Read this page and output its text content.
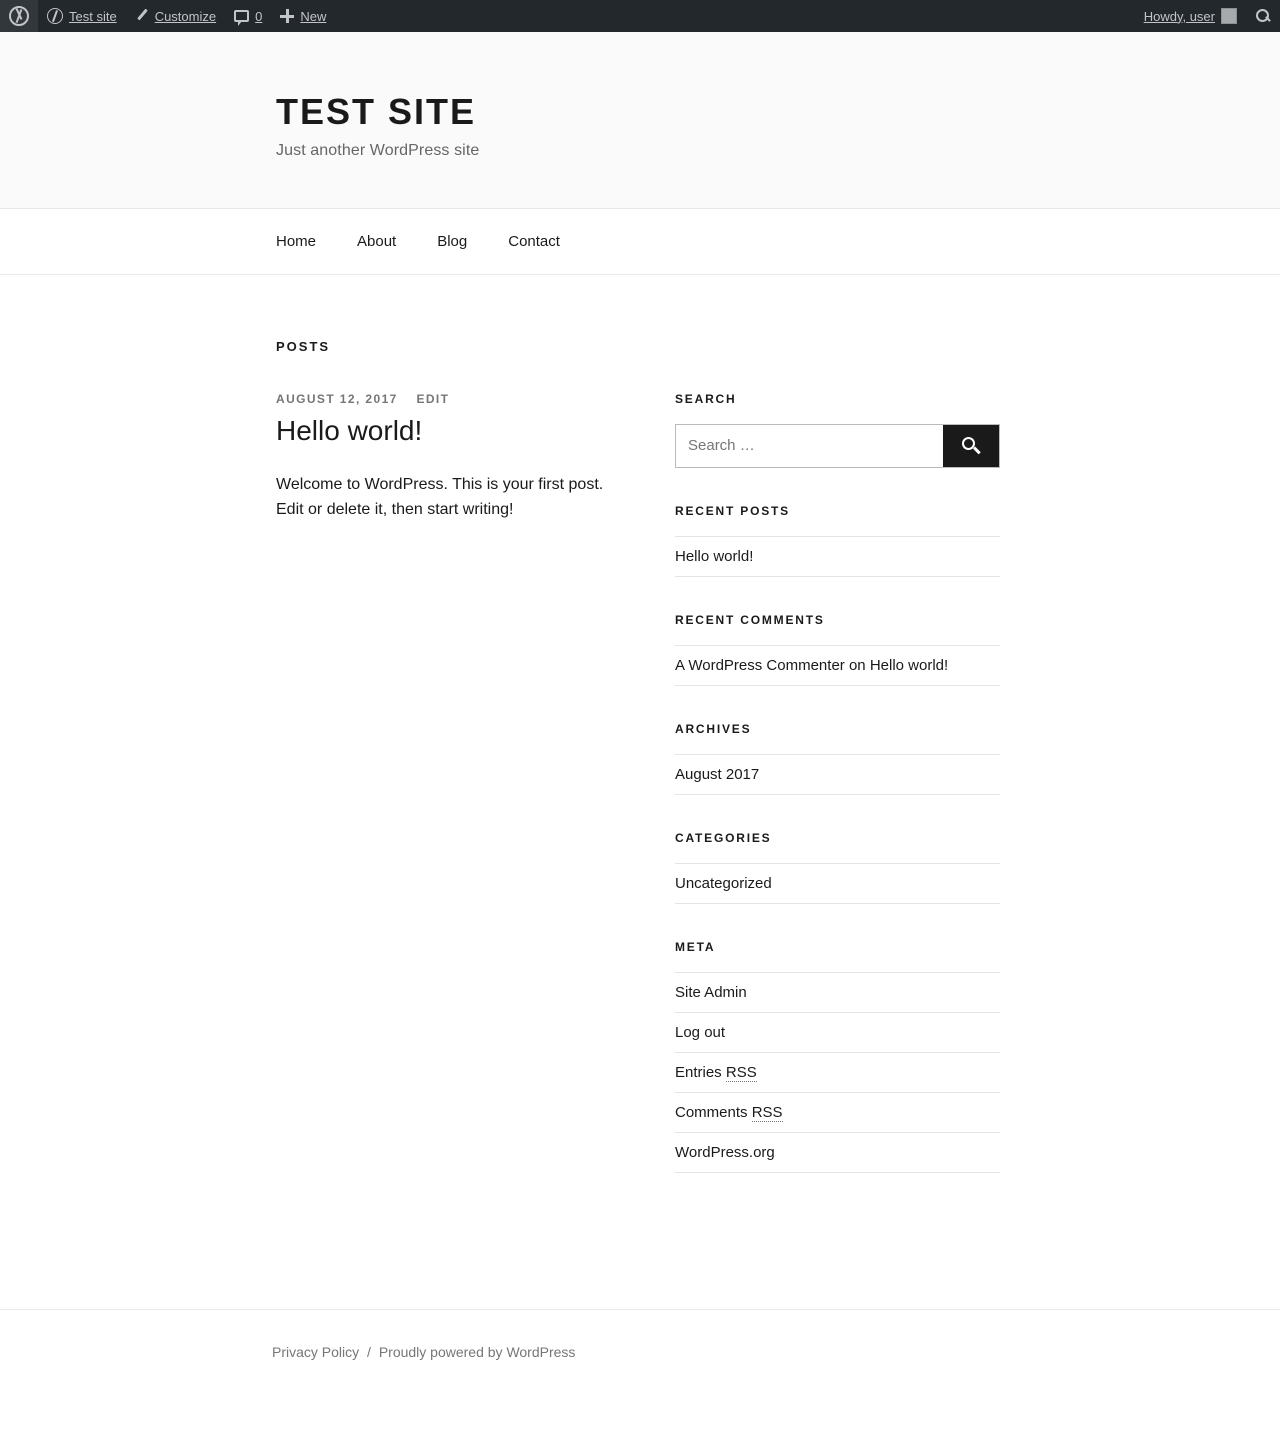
Test site	Customize	0	New	Howdy, user
TEST SITE

Just another WordPress site

Home	About	Blog	Contact
POSTS
AUGUST 12, 2017 EDIT
Hello world!

Welcome to WordPress. This is your first post. Edit or delete it, then start writing!

SEARCH
Search …
RECENT POSTS
Hello world!
RECENT COMMENTS
A WordPress Commenter on Hello world!
ARCHIVES
August 2017
CATEGORIES
Uncategorized
META
Site Admin
Log out
Entries RSS
Comments RSS
WordPress.org
Privacy Policy / Proudly powered by WordPress
